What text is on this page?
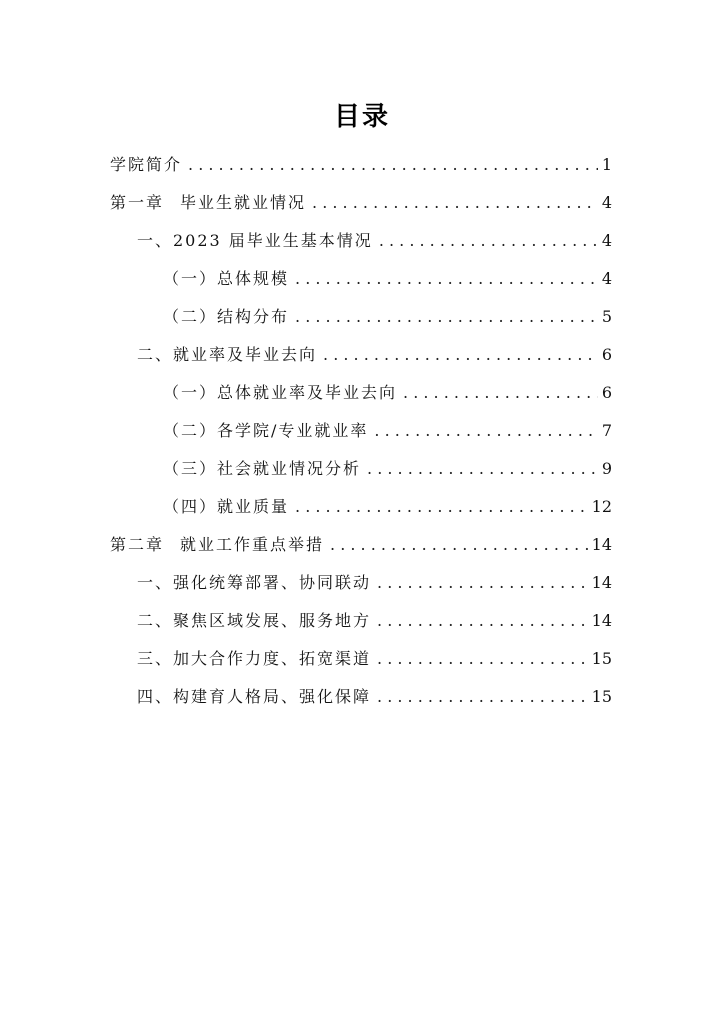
目录
学院简介 . . .	1
第一章 毕业生就业情况 . . .	4
一、2023 届毕业生基本情况 . . .	4
（一）总体规模 . . .	4
（二）结构分布 . . .	5
二、就业率及毕业去向 . . .	6
（一）总体就业率及毕业去向 . . .	6
（二）各学院/专业就业率 . . .	7
（三）社会就业情况分析 . . .	9
（四）就业质量 . . .	12
第二章 就业工作重点举措 . . .	14
一、强化统筹部署、协同联动 . . .	14
二、聚焦区域发展、服务地方 . . .	14
三、加大合作力度、拓宽渠道 . . .	15
四、构建育人格局、强化保障 . . .	15
